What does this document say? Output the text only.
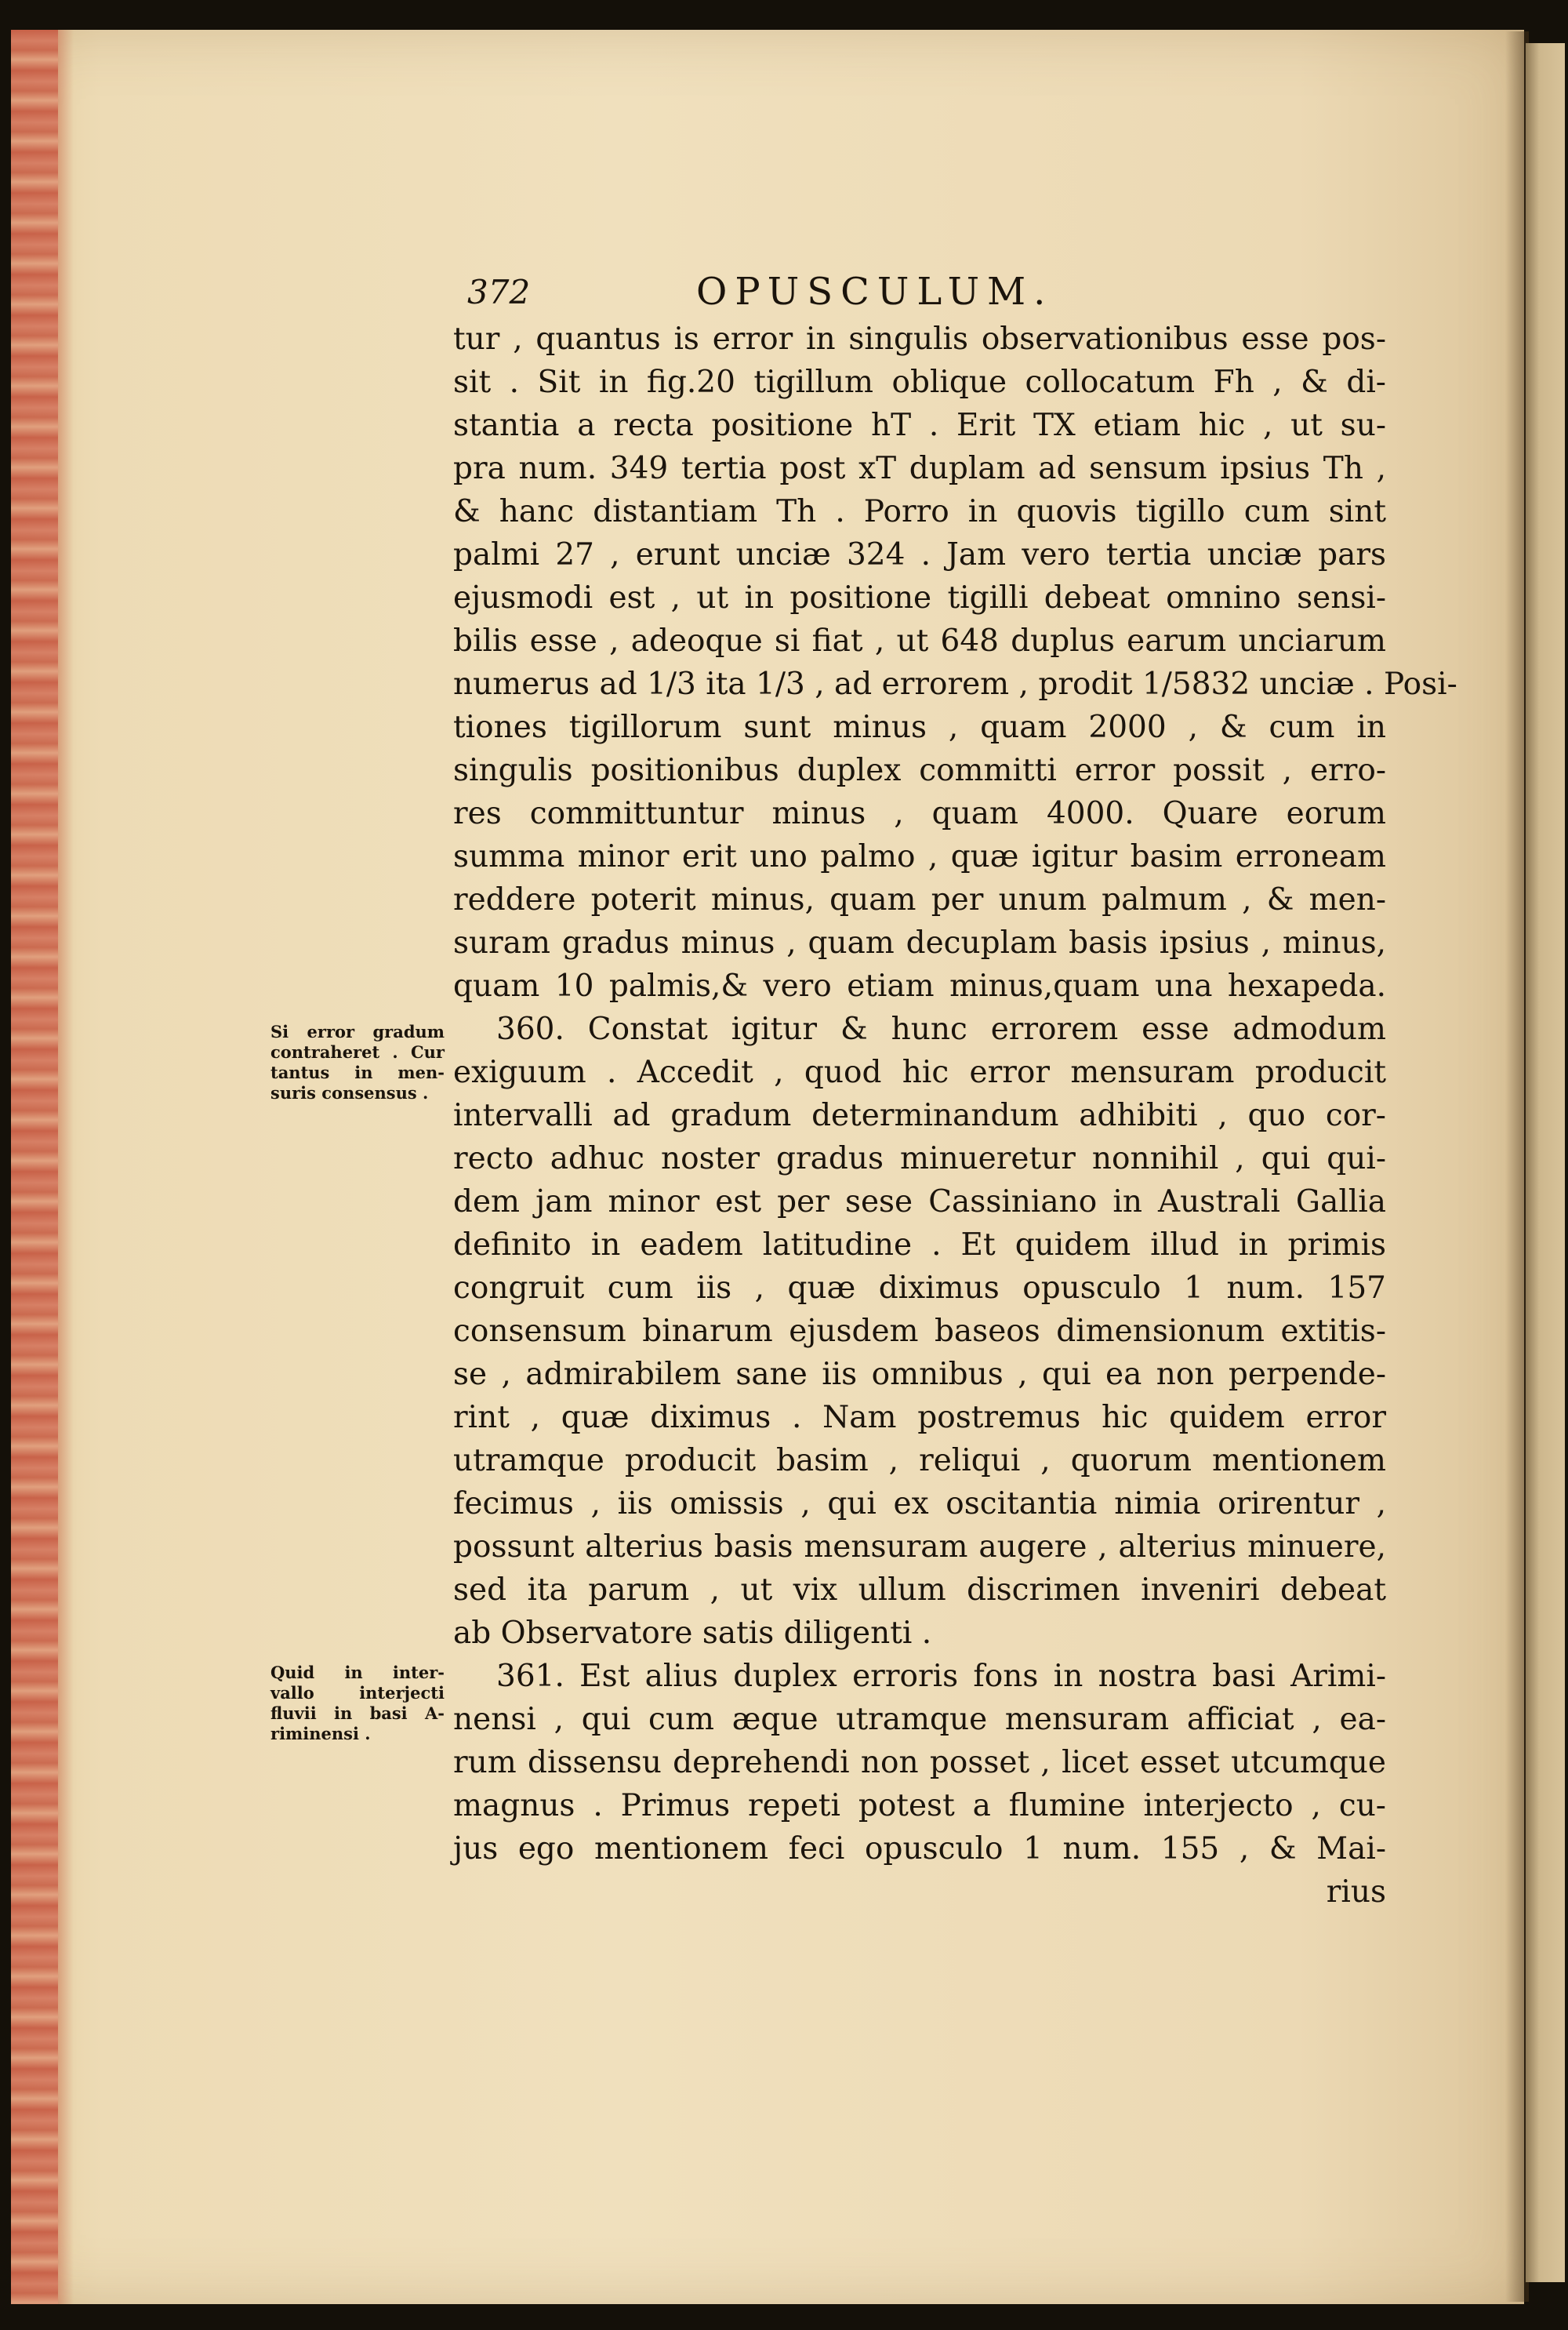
372	OPUSCULUM.
tur , quantus is error in singulis observationibus esse pos-
sit . Sit in fig.20 tigillum oblique collocatum Fh , & di-
stantia a recta positione hT . Erit TX etiam hic , ut su-
pra num. 349 tertia post xT duplam ad sensum ipsius Th ,
& hanc distantiam Th . Porro in quovis tigillo cum sint
palmi 27 , erunt unciæ 324 . Jam vero tertia unciæ pars
ejusmodi est , ut in positione tigilli debeat omnino sensi-
bilis esse , adeoque si fiat , ut 648 duplus earum unciarum
numerus ad 1/3 ita 1/3 , ad errorem , prodit 1/5832 unciæ . Posi-
tiones tigillorum sunt minus , quam 2000 , & cum in
singulis positionibus duplex committi error possit , erro-
res committuntur minus , quam 4000. Quare eorum
summa minor erit uno palmo , quæ igitur basim erroneam
reddere poterit minus, quam per unum palmum , & men-
suram gradus minus , quam decuplam basis ipsius , minus,
quam 10 palmis,& vero etiam minus,quam una hexapeda.
360. Constat igitur & hunc errorem esse admodum
exiguum . Accedit , quod hic error mensuram producit
intervalli ad gradum determinandum adhibiti , quo cor-
recto adhuc noster gradus minueretur nonnihil , qui qui-
dem jam minor est per sese Cassiniano in Australi Gallia
definito in eadem latitudine . Et quidem illud in primis
congruit cum iis , quæ diximus opusculo 1 num. 157
consensum binarum ejusdem baseos dimensionum extitis-
se , admirabilem sane iis omnibus , qui ea non perpende-
rint , quæ diximus . Nam postremus hic quidem error
utramque producit basim , reliqui , quorum mentionem
fecimus , iis omissis , qui ex oscitantia nimia orirentur ,
possunt alterius basis mensuram augere , alterius minuere,
sed ita parum , ut vix ullum discrimen inveniri debeat
ab Observatore satis diligenti .
361. Est alius duplex erroris fons in nostra basi Arimi-
nensi , qui cum æque utramque mensuram afficiat , ea-
rum dissensu deprehendi non posset , licet esset utcumque
magnus . Primus repeti potest a flumine interjecto , cu-
jus ego mentionem feci opusculo 1 num. 155 , & Mai-
rius
Si error gradum
contraheret . Cur
tantus in men-
suris consensus .
Quid in inter-
vallo interjecti
fluvii in basi A-
riminensi .
